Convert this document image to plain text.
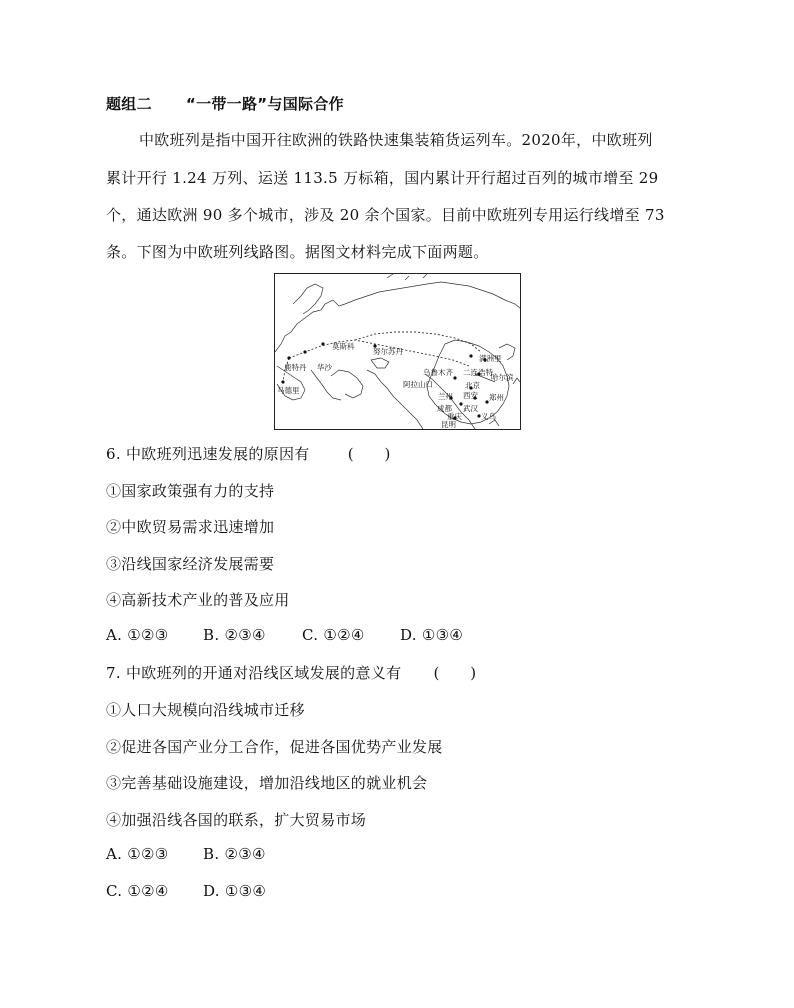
题组二 “一带一路”与国际合作
中欧班列是指中国开往欧洲的铁路快速集装箱货运列车。2020年，中欧班列
累计开行 1.24 万列、运送 113.5 万标箱，国内累计开行超过百列的城市增至 29
个，通达欧洲 90 多个城市，涉及 20 余个国家。目前中欧班列专用运行线增至 73
条。下图为中欧班列线路图。据图文材料完成下面两题。
莫斯科
努尔苏丹
鹿特丹 华沙
马德里
满洲里
乌鲁木齐 二连浩特
阿拉山口	北京
哈尔滨
兰州 西安 郑州
成都 武汉
重庆	义乌
昆明
6. 中欧班列迅速发展的原因有	(　　)
①国家政策强有力的支持
②中欧贸易需求迅速增加
③沿线国家经济发展需要
④高新技术产业的普及应用
A. ①②③ B. ②③④ C. ①②④ D. ①③④
7. 中欧班列的开通对沿线区域发展的意义有 (　　)
①人口大规模向沿线城市迁移
②促进各国产业分工合作，促进各国优势产业发展
③完善基础设施建设，增加沿线地区的就业机会
④加强沿线各国的联系，扩大贸易市场
A. ①②③ B. ②③④
C. ①②④ D. ①③④
